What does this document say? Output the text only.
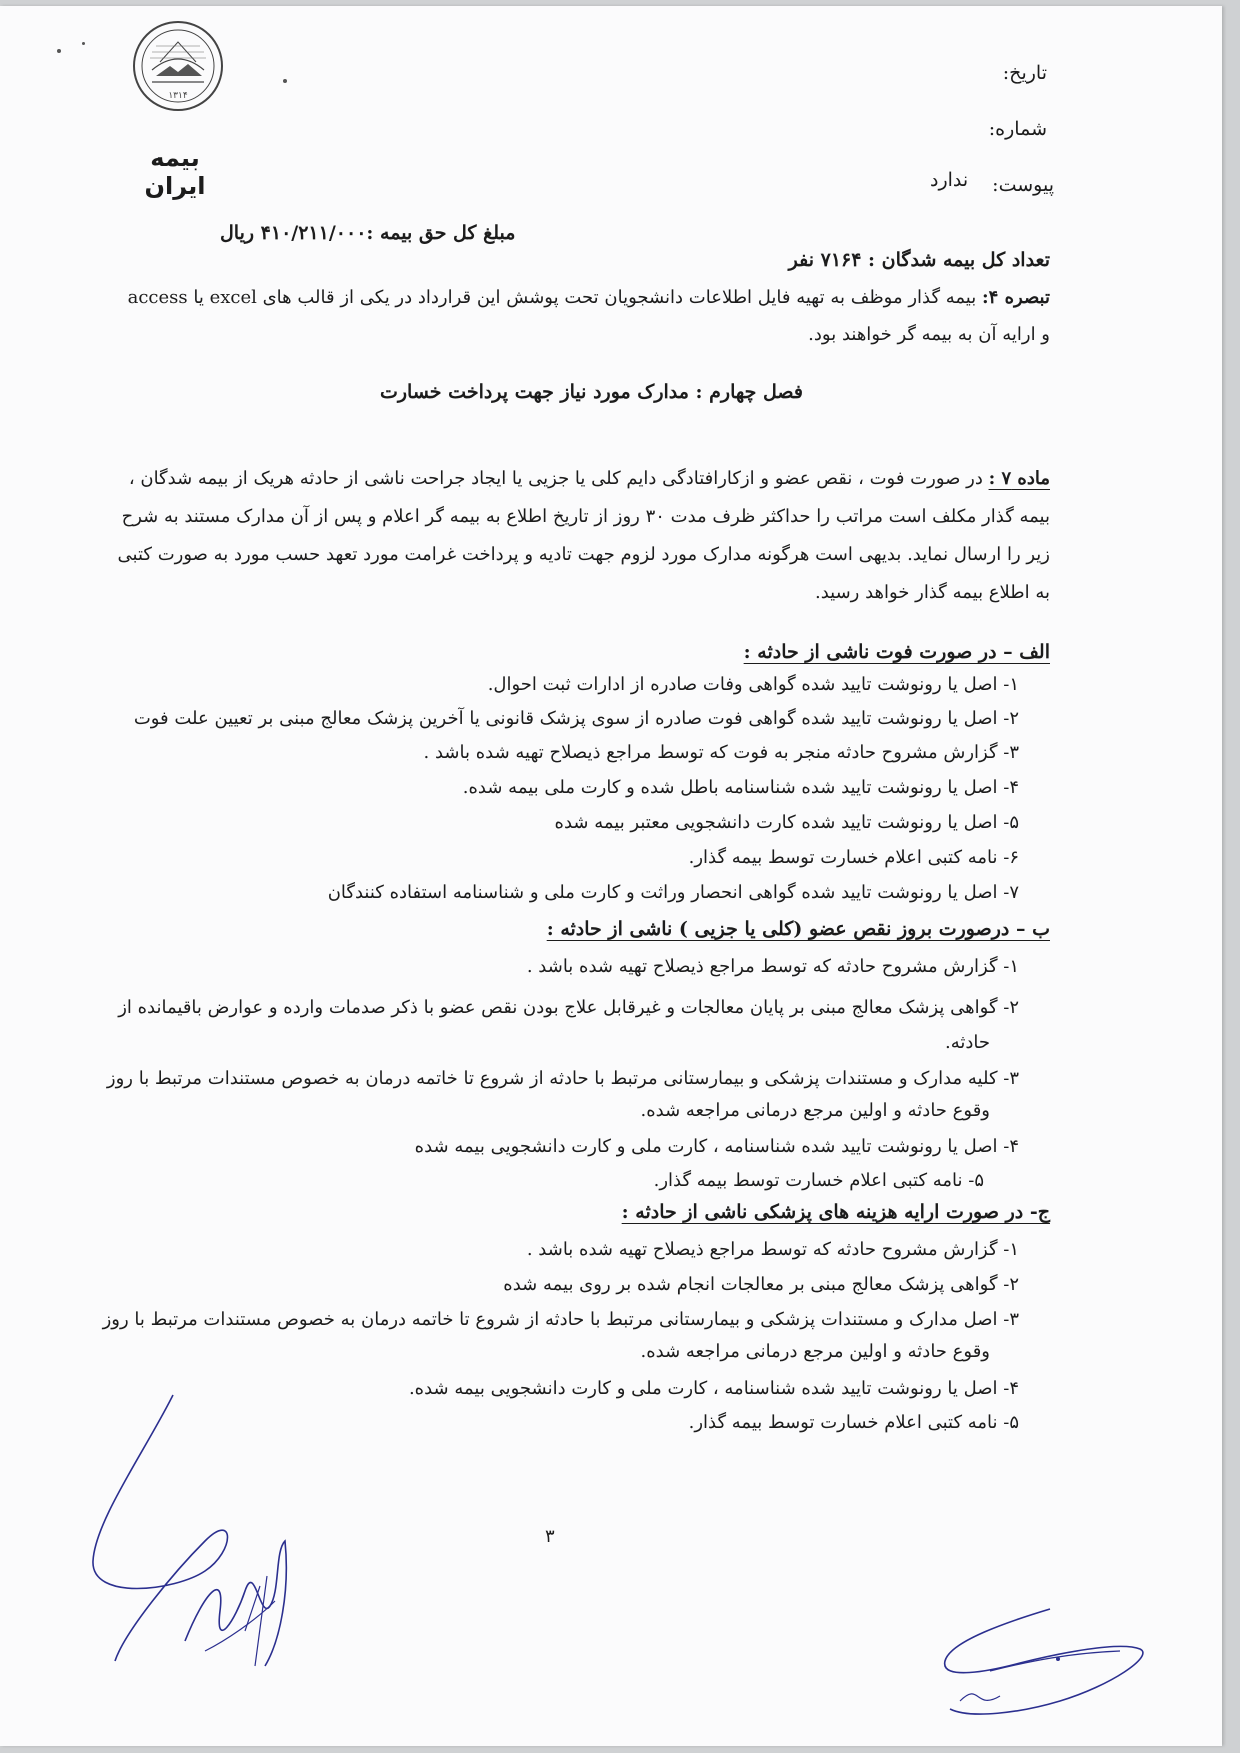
۱۳۱۴
بیمه ایران
تاریخ:
شماره:
پیوست:
ندارد
تعداد کل بیمه شدگان : ۷۱۶۴ نفر
مبلغ کل حق بیمه :۴۱۰/۲۱۱/۰۰۰ ریال
تبصره ۴: بیمه گذار موظف به تهیه فایل اطلاعات دانشجویان تحت پوشش این قرارداد در یکی از قالب های excel یا access
و ارایه آن به بیمه گر خواهند بود.
فصل چهارم : مدارک مورد نیاز جهت پرداخت خسارت
ماده ۷ : در صورت فوت ، نقص عضو و ازکارافتادگی دایم کلی یا جزیی یا ایجاد جراحت ناشی از حادثه هریک از بیمه شدگان ،
بیمه گذار مکلف است مراتب را حداکثر ظرف مدت ۳۰ روز از تاریخ اطلاع به بیمه گر اعلام و پس از آن مدارک مستند به شرح
زیر را ارسال نماید. بدیهی است هرگونه مدارک مورد لزوم جهت تادیه و پرداخت غرامت مورد تعهد حسب مورد به صورت کتبی
به اطلاع بیمه گذار خواهد رسید.
الف – در صورت فوت ناشی از حادثه :
۱- اصل یا رونوشت تایید شده گواهی وفات صادره از ادارات ثبت احوال.
۲- اصل یا رونوشت تایید شده گواهی فوت صادره از سوی پزشک قانونی یا آخرین پزشک معالج مبنی بر تعیین علت فوت
۳- گزارش مشروح حادثه منجر به فوت که توسط مراجع ذیصلاح تهیه شده باشد .
۴- اصل یا رونوشت تایید شده شناسنامه باطل شده و کارت ملی بیمه شده.
۵- اصل یا رونوشت تایید شده کارت دانشجویی معتبر بیمه شده
۶- نامه کتبی اعلام خسارت توسط بیمه گذار.
۷- اصل یا رونوشت تایید شده گواهی انحصار وراثت و کارت ملی و شناسنامه استفاده کنندگان
ب – درصورت بروز نقص عضو (کلی یا جزیی ) ناشی از حادثه :
۱- گزارش مشروح حادثه که توسط مراجع ذیصلاح تهیه شده باشد .
۲- گواهی پزشک معالج مبنی بر پایان معالجات و غیرقابل علاج بودن نقص عضو با ذکر صدمات وارده و عوارض باقیمانده از
حادثه.
۳- کلیه مدارک و مستندات پزشکی و بیمارستانی مرتبط با حادثه از شروع تا خاتمه درمان به خصوص مستندات مرتبط با روز
وقوع حادثه و اولین مرجع درمانی مراجعه شده.
۴- اصل یا رونوشت تایید شده شناسنامه ، کارت ملی و کارت دانشجویی بیمه شده
۵- نامه کتبی اعلام خسارت توسط بیمه گذار.
ج- در صورت ارایه هزینه های پزشکی ناشی از حادثه :
۱- گزارش مشروح حادثه که توسط مراجع ذیصلاح تهیه شده باشد .
۲- گواهی پزشک معالج مبنی بر معالجات انجام شده بر روی بیمه شده
۳- اصل مدارک و مستندات پزشکی و بیمارستانی مرتبط با حادثه از شروع تا خاتمه درمان به خصوص مستندات مرتبط با روز
وقوع حادثه و اولین مرجع درمانی مراجعه شده.
۴- اصل یا رونوشت تایید شده شناسنامه ، کارت ملی و کارت دانشجویی بیمه شده.
۵- نامه کتبی اعلام خسارت توسط بیمه گذار.
۳
